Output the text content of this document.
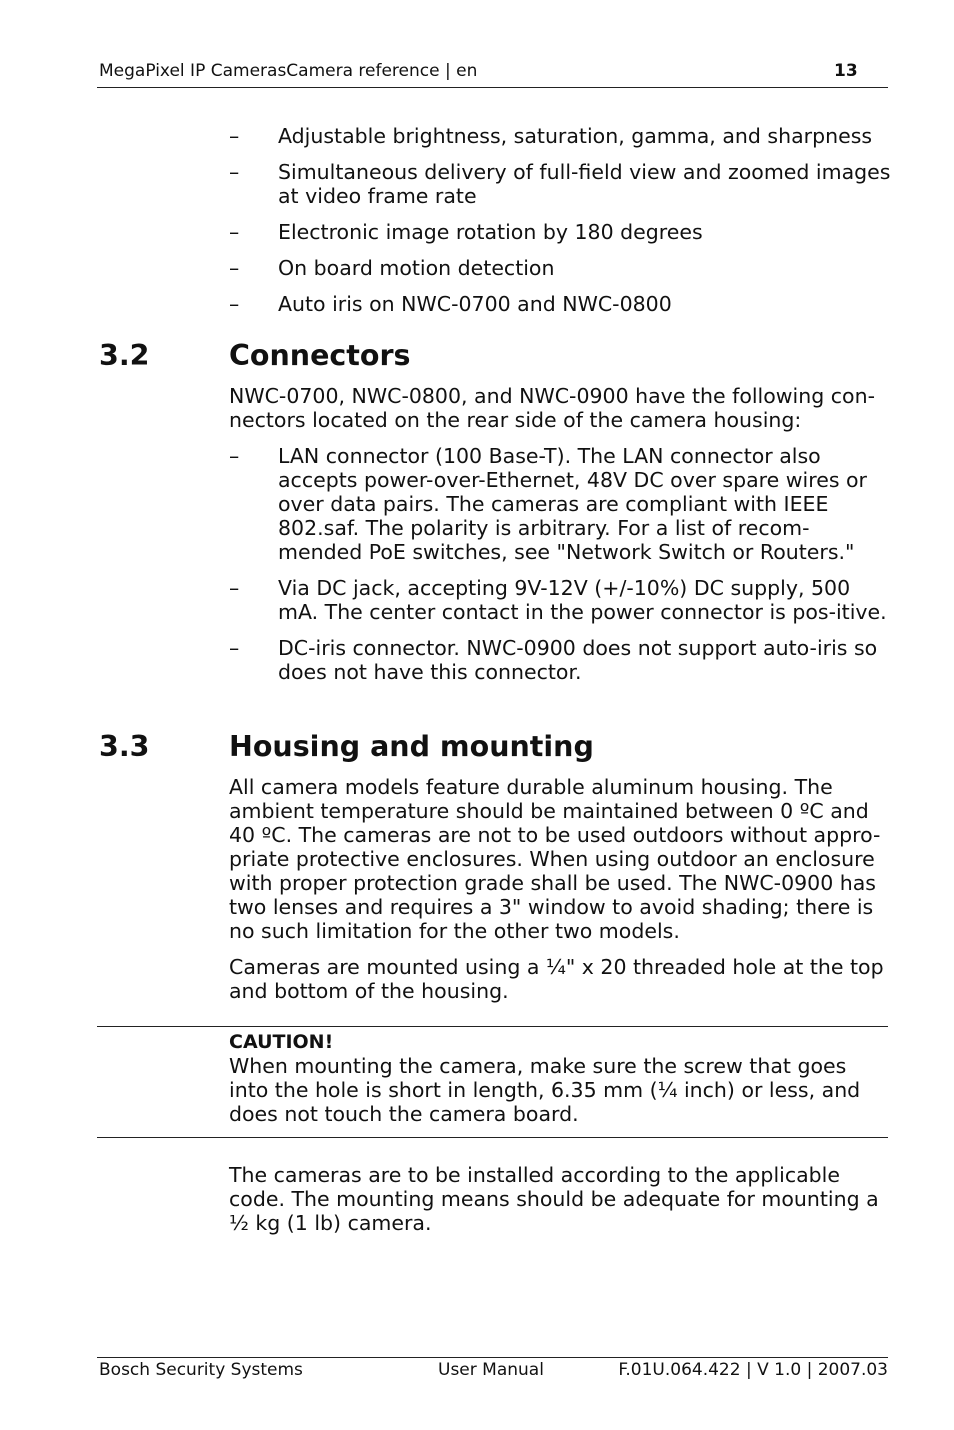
MegaPixel IP CamerasCamera reference | en	13
– Adjustable brightness, saturation, gamma, and sharpness
– Simultaneous delivery of full-field view and zoomed images at video frame rate
– Electronic image rotation by 180 degrees
– On board motion detection
– Auto iris on NWC-0700 and NWC-0800
3.2	Connectors

NWC-0700, NWC-0800, and NWC-0900 have the following con-nectors located on the rear side of the camera housing:

– LAN connector (100 Base-T). The LAN connector also accepts power-over-Ethernet, 48V DC over spare wires or over data pairs. The cameras are compliant with IEEE 802.saf. The polarity is arbitrary. For a list of recom-mended PoE switches, see "Network Switch or Routers."
– Via DC jack, accepting 9V-12V (+/-10%) DC supply, 500 mA. The center contact in the power connector is pos-itive.
– DC-iris connector. NWC-0900 does not support auto-iris so does not have this connector.
3.3	Housing and mounting

All camera models feature durable aluminum housing. The ambient temperature should be maintained between 0 ºC and 40 ºC. The cameras are not to be used outdoors without appro-priate protective enclosures. When using outdoor an enclosure with proper protection grade shall be used. The NWC-0900 has two lenses and requires a 3" window to avoid shading; there is no such limitation for the other two models.

Cameras are mounted using a ¼" x 20 threaded hole at the top and bottom of the housing.

CAUTION!
When mounting the camera, make sure the screw that goes into the hole is short in length, 6.35 mm (¼ inch) or less, and does not touch the camera board.

The cameras are to be installed according to the applicable code. The mounting means should be adequate for mounting a ½ kg (1 lb) camera.

Bosch Security Systems	User Manual	F.01U.064.422 | V 1.0 | 2007.03
